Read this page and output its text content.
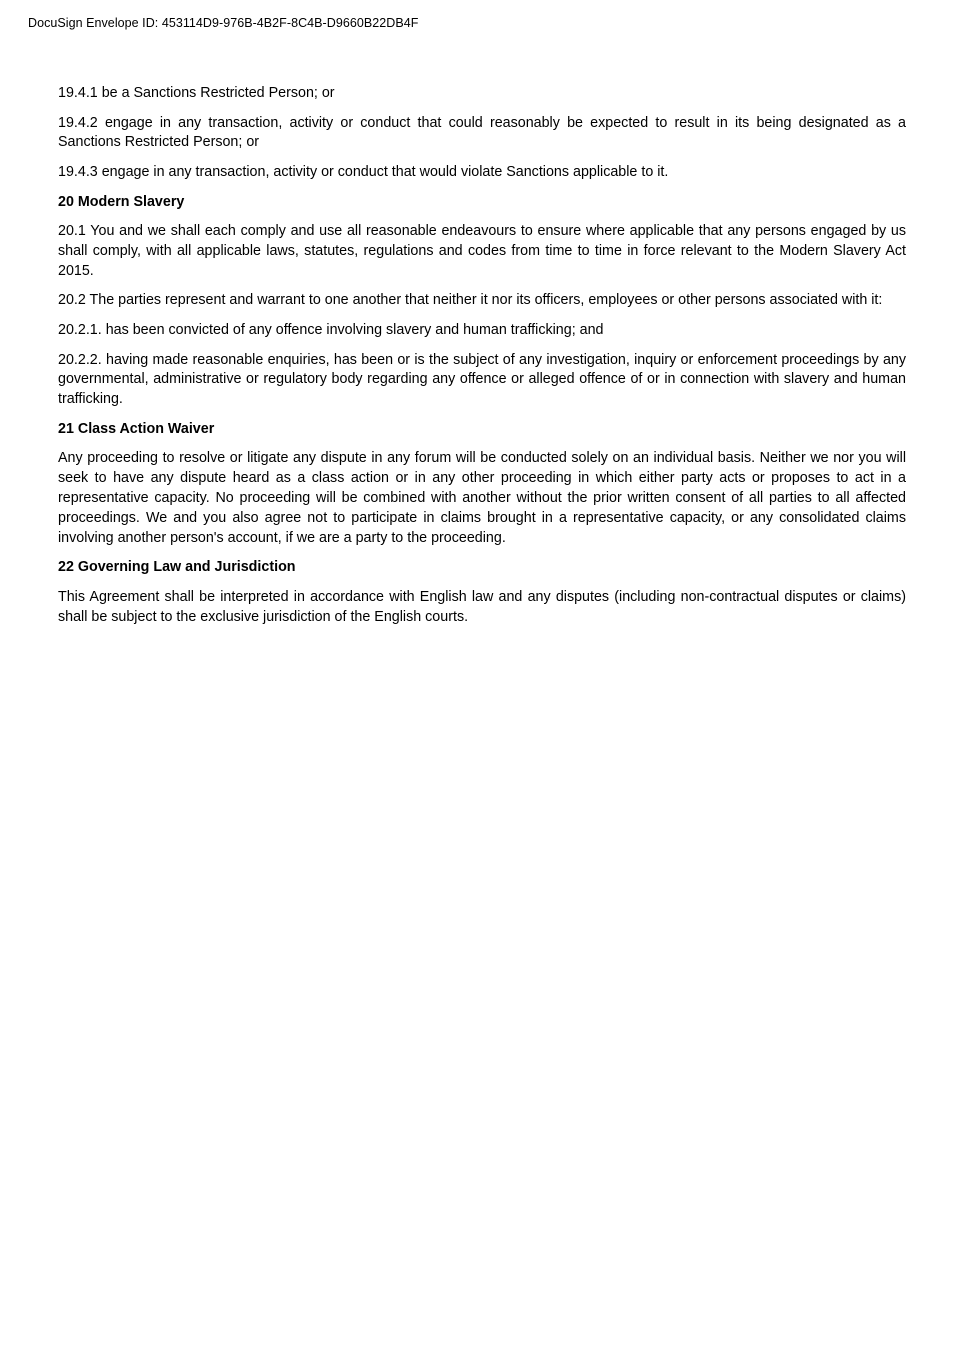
DocuSign Envelope ID: 453114D9-976B-4B2F-8C4B-D9660B22DB4F

19.4.1 be a Sanctions Restricted Person; or

19.4.2 engage in any transaction, activity or conduct that could reasonably be expected to result in its being designated as a Sanctions Restricted Person; or

19.4.3 engage in any transaction, activity or conduct that would violate Sanctions applicable to it.

20 Modern Slavery

20.1 You and we shall each comply and use all reasonable endeavours to ensure where applicable that any persons engaged by us shall comply, with all applicable laws, statutes, regulations and codes from time to time in force relevant to the Modern Slavery Act 2015.

20.2 The parties represent and warrant to one another that neither it nor its officers, employees or other persons associated with it:

20.2.1. has been convicted of any offence involving slavery and human trafficking; and

20.2.2. having made reasonable enquiries, has been or is the subject of any investigation, inquiry or enforcement proceedings by any governmental, administrative or regulatory body regarding any offence or alleged offence of or in connection with slavery and human trafficking.

21 Class Action Waiver

Any proceeding to resolve or litigate any dispute in any forum will be conducted solely on an individual basis. Neither we nor you will seek to have any dispute heard as a class action or in any other proceeding in which either party acts or proposes to act in a representative capacity. No proceeding will be combined with another without the prior written consent of all parties to all affected proceedings. We and you also agree not to participate in claims brought in a representative capacity, or any consolidated claims involving another person's account, if we are a party to the proceeding.

22 Governing Law and Jurisdiction

This Agreement shall be interpreted in accordance with English law and any disputes (including non-contractual disputes or claims) shall be subject to the exclusive jurisdiction of the English courts.
